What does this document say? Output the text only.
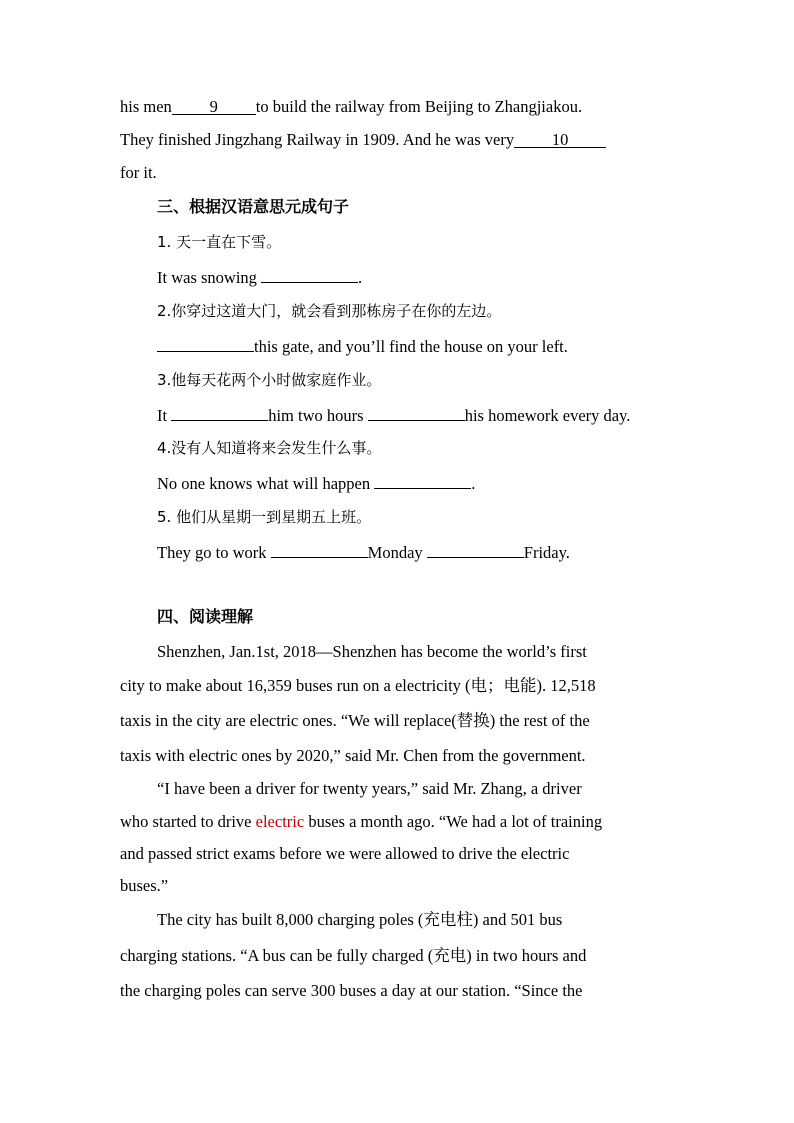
his men 9 to build the railway from Beijing to Zhangjiakou.
They finished Jingzhang Railway in 1909. And he was very 10
for it.
三、根据汉语意思元成句子
1. 天一直在下雪。
It was snowing	.
2.你穿过这道大门，就会看到那栋房子在你的左边。
this gate, and you’ll find the house on your left.
3.他每天花两个小时做家庭作业。
It	him two hours	his homework every day.
4.没有人知道将来会发生什么事。
No one knows what will happen	.
5. 他们从星期一到星期五上班。
They go to work	Monday	Friday.
四、阅读理解
Shenzhen, Jan.1st, 2018—Shenzhen has become the world’s first
city to make about 16,359 buses run on a electricity (电；电能). 12,518
taxis in the city are electric ones. “We will replace(替换) the rest of the
taxis with electric ones by 2020,” said Mr. Chen from the government.
“I have been a driver for twenty years,” said Mr. Zhang, a driver
who started to drive electric buses a month ago. “We had a lot of training
and passed strict exams before we were allowed to drive the electric
buses.”
The city has built 8,000 charging poles (充电柱) and 501 bus
charging stations. “A bus can be fully charged (充电) in two hours and
the charging poles can serve 300 buses a day at our station. “Since the
